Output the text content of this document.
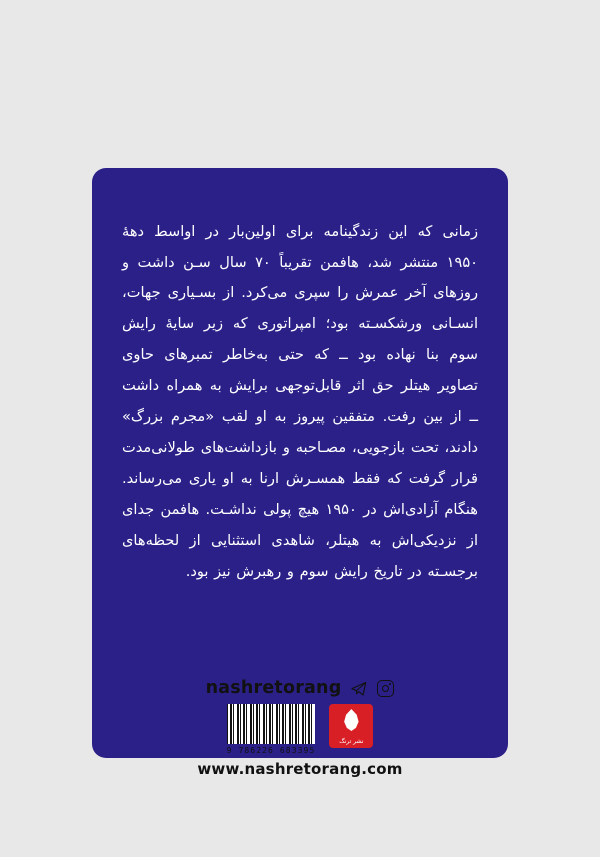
زمانی که این زندگینامه برای اولین‌بار در اواسط دههٔ ۱۹۵۰ منتشر شد، هافمن تقریباً ۷۰ سال سـن داشت و روزهای آخر عمرش را سپری می‌کرد. از بسـیاری جهات، انسـانی ورشکسـته بود؛ امپراتوری که زیر سایهٔ رایش سوم بنا نهاده بود ــ که حتی به‌خاطر تمبرهای حاوی تصاویر هیتلر حق اثر قابل‌توجهی برایش به همراه داشت ــ از بین رفت. متفقین پیروز به او لقب «مجرم بزرگ» دادند، تحت بازجویی، مصـاحبه و بازداشت‌های طولانی‌مدت قرار گرفت که فقط همسـرش ارنا به او یاری می‌رساند. هنگام آزادی‌اش در ۱۹۵۰ هیچ پولی نداشـت. هافمن جدای از نزدیکی‌اش به هیتلر، شاهدی استثنایی از لحظه‌های برجسـته در تاریخ رایش سوم و رهبرش نیز بود.

nashretorang
نشر ترنگ
9 786226 683395
www.nashretorang.com
